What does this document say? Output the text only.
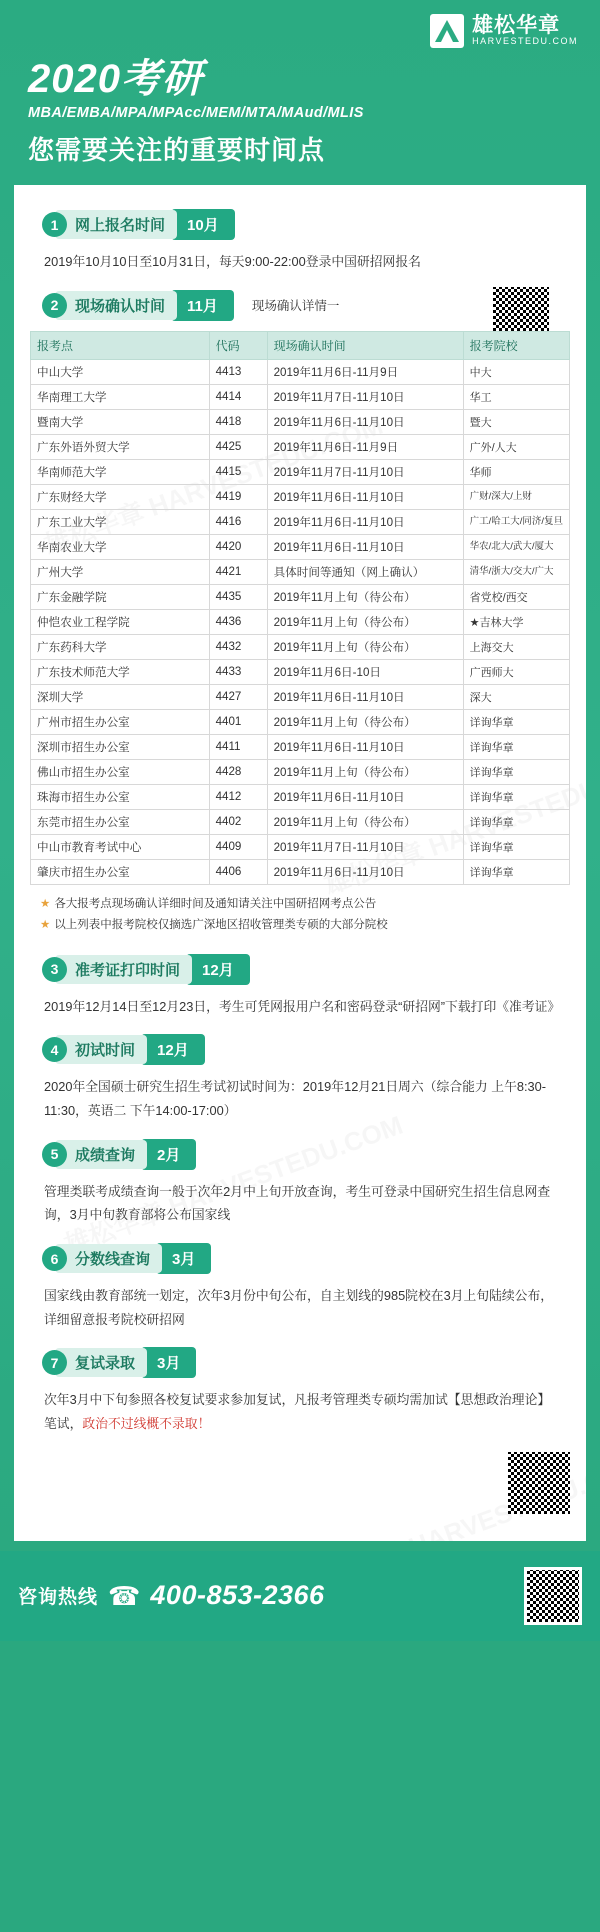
雄松华章
HARVESTEDU.COM
2020考研
MBA/EMBA/MPA/MPAcc/MEM/MTA/MAud/MLIS
您需要关注的重要时间点
1	网上报名时间	10月
2019年10月10日至10月31日，每天9:00-22:00登录中国研招网报名
2	现场确认时间	11月	现场确认详情一
报考点	代码	现场确认时间	报考院校
中山大学	4413	2019年11月6日-11月9日	中大
华南理工大学	4414	2019年11月7日-11月10日	华工
暨南大学	4418	2019年11月6日-11月10日	暨大
广东外语外贸大学	4425	2019年11月6日-11月9日	广外/人大
华南师范大学	4415	2019年11月7日-11月10日	华师
广东财经大学	4419	2019年11月6日-11月10日	广财/深大/上财
广东工业大学	4416	2019年11月6日-11月10日	广工/哈工大/同济/复旦
华南农业大学	4420	2019年11月6日-11月10日	华农/北大/武大/厦大
广州大学	4421	具体时间等通知（网上确认）	清华/浙大/交大/广大
广东金融学院	4435	2019年11月上旬（待公布）	省党校/西交
仲恺农业工程学院	4436	2019年11月上旬（待公布）	★吉林大学
广东药科大学	4432	2019年11月上旬（待公布）	上海交大
广东技术师范大学	4433	2019年11月6日-10日	广西师大
深圳大学	4427	2019年11月6日-11月10日	深大
广州市招生办公室	4401	2019年11月上旬（待公布）	详询华章
深圳市招生办公室	4411	2019年11月6日-11月10日	详询华章
佛山市招生办公室	4428	2019年11月上旬（待公布）	详询华章
珠海市招生办公室	4412	2019年11月6日-11月10日	详询华章
东莞市招生办公室	4402	2019年11月上旬（待公布）	详询华章
中山市教育考试中心	4409	2019年11月7日-11月10日	详询华章
肇庆市招生办公室	4406	2019年11月6日-11月10日	详询华章
★ 各大报考点现场确认详细时间及通知请关注中国研招网考点公告
★ 以上列表中报考院校仅摘选广深地区招收管理类专硕的大部分院校
3	准考证打印时间	12月
2019年12月14日至12月23日，考生可凭网报用户名和密码登录“研招网”下载打印《准考证》
4	初试时间	12月
2020年全国硕士研究生招生考试初试时间为：2019年12月21日周六（综合能力 上午8:30-11:30，英语二 下午14:00-17:00）
5	成绩查询	2月
管理类联考成绩查询一般于次年2月中上旬开放查询，考生可登录中国研究生招生信息网查询，3月中旬教育部将公布国家线
6	分数线查询	3月
国家线由教育部统一划定，次年3月份中旬公布，自主划线的985院校在3月上旬陆续公布，详细留意报考院校研招网
7	复试录取	3月
次年3月中下旬参照各校复试要求参加复试，凡报考管理类专硕均需加试【思想政治理论】笔试，政治不过线概不录取！
咨询热线 ☎ 400-853-2366
